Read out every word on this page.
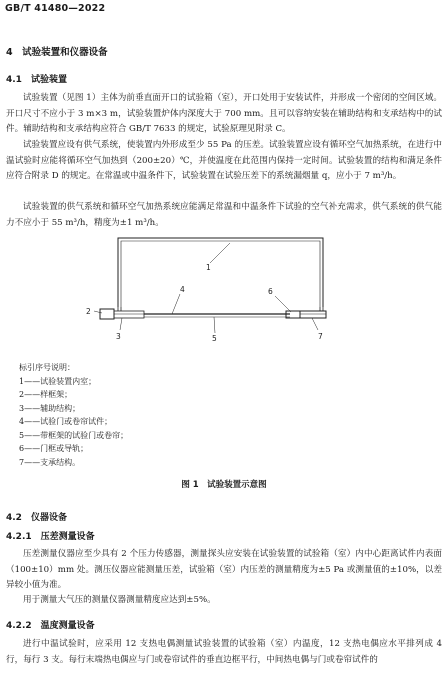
GB/T 41480—2022
4　试验装置和仪器设备
4.1　试验装置

试验装置（见图 1）主体为前垂直面开口的试验箱（室），开口处用于安装试件，并形成一个密闭的空间区域。开口尺寸不应小于 3 m×3 m，试验装置炉体内深度大于 700 mm。且可以容纳安装在辅助结构和支承结构中的试件。辅助结构和支承结构应符合 GB/T 7633 的规定，试验原理见附录 C。

试验装置应设有供气系统，使装置内外形成至少 55 Pa 的压差。试验装置应设有循环空气加热系统，在进行中温试验时应能将循环空气加热到（200±20）℃，并使温度在此范围内保持一定时间。试验装置的结构和满足条件应符合附录 D 的规定。在常温或中温条件下，试验装置在试验压差下的系统漏烟量 q，应小于 7 m³/h。

试验装置的供气系统和循环空气加热系统应能满足常温和中温条件下试验的空气补充需求，供气系统的供气能力不应小于 55 m³/h，精度为±1 m³/h。

1
2
3
4
5
6
7
标引序号说明：
1——试验装置内室；
2——样框架；
3——辅助结构；
4——试验门或卷帘试件；
5——带框架的试验门或卷帘；
6——门框或导轨；
7——支承结构。
图 1　试验装置示意图
4.2　仪器设备
4.2.1　压差测量设备

压差测量仪器应至少具有 2 个压力传感器，测量探头应安装在试验装置的试验箱（室）内中心距离试件内表面（100±10）mm 处。测压仪器应能测量压差，试验箱（室）内压差的测量精度为±5 Pa 或测量值的±10%，以差异较小值为准。

用于测量大气压的测量仪器测量精度应达到±5%。

4.2.2　温度测量设备

进行中温试验时，应采用 12 支热电偶测量试验装置的试验箱（室）内温度，12 支热电偶应水平排列成 4 行，每行 3 支。每行末端热电偶应与门或卷帘试件的垂直边框平行，中间热电偶与门或卷帘试件的
